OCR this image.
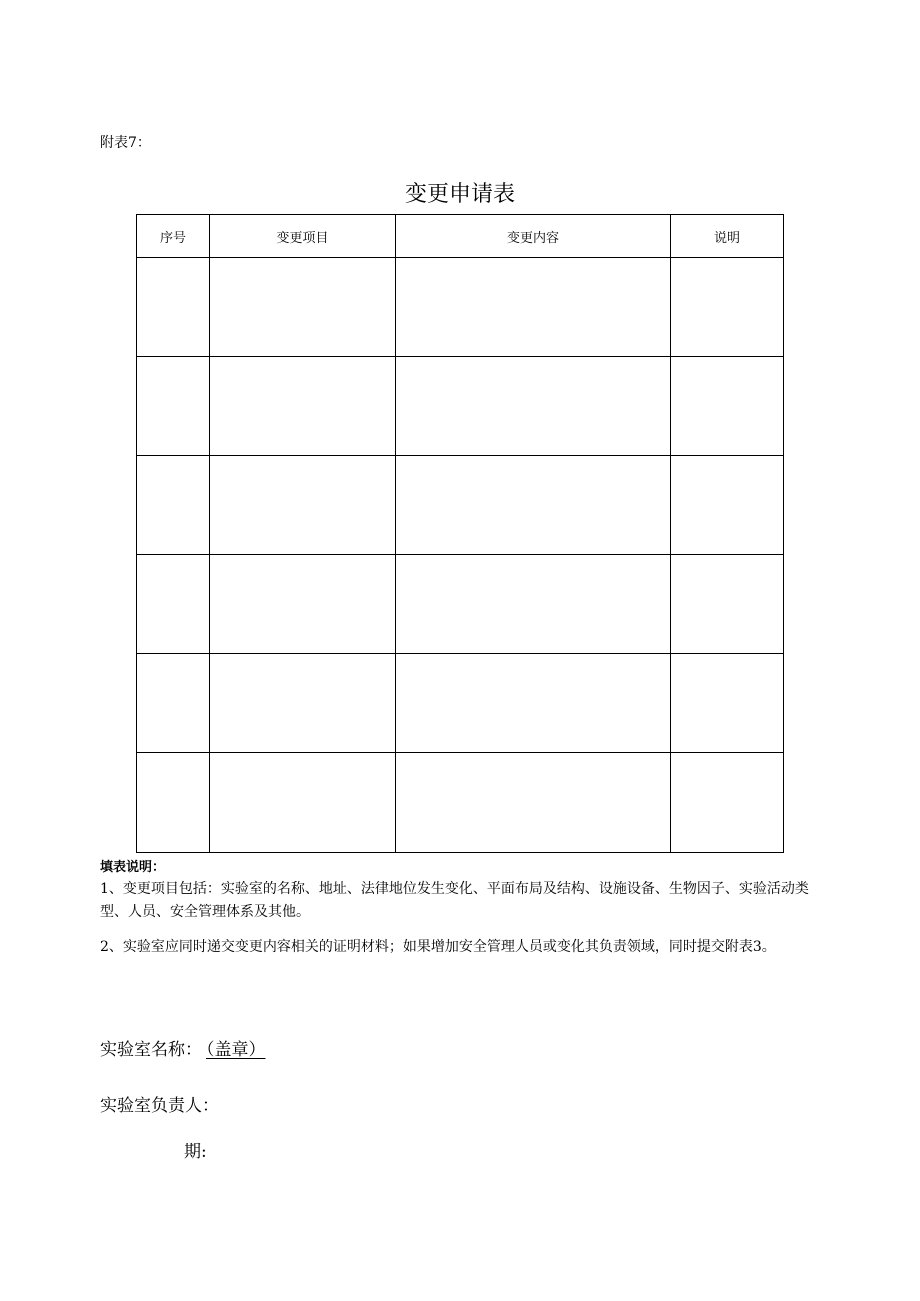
附表7：
变更申请表
序号	变更项目	变更内容	说明

填表说明：

1、变更项目包括：实验室的名称、地址、法律地位发生变化、平面布局及结构、设施设备、生物因子、实验活动类型、人员、安全管理体系及其他。

2、实验室应同时递交变更内容相关的证明材料；如果增加安全管理人员或变化其负责领域，同时提交附表3。

实验室名称： （盖章）
实验室负责人：
期:
